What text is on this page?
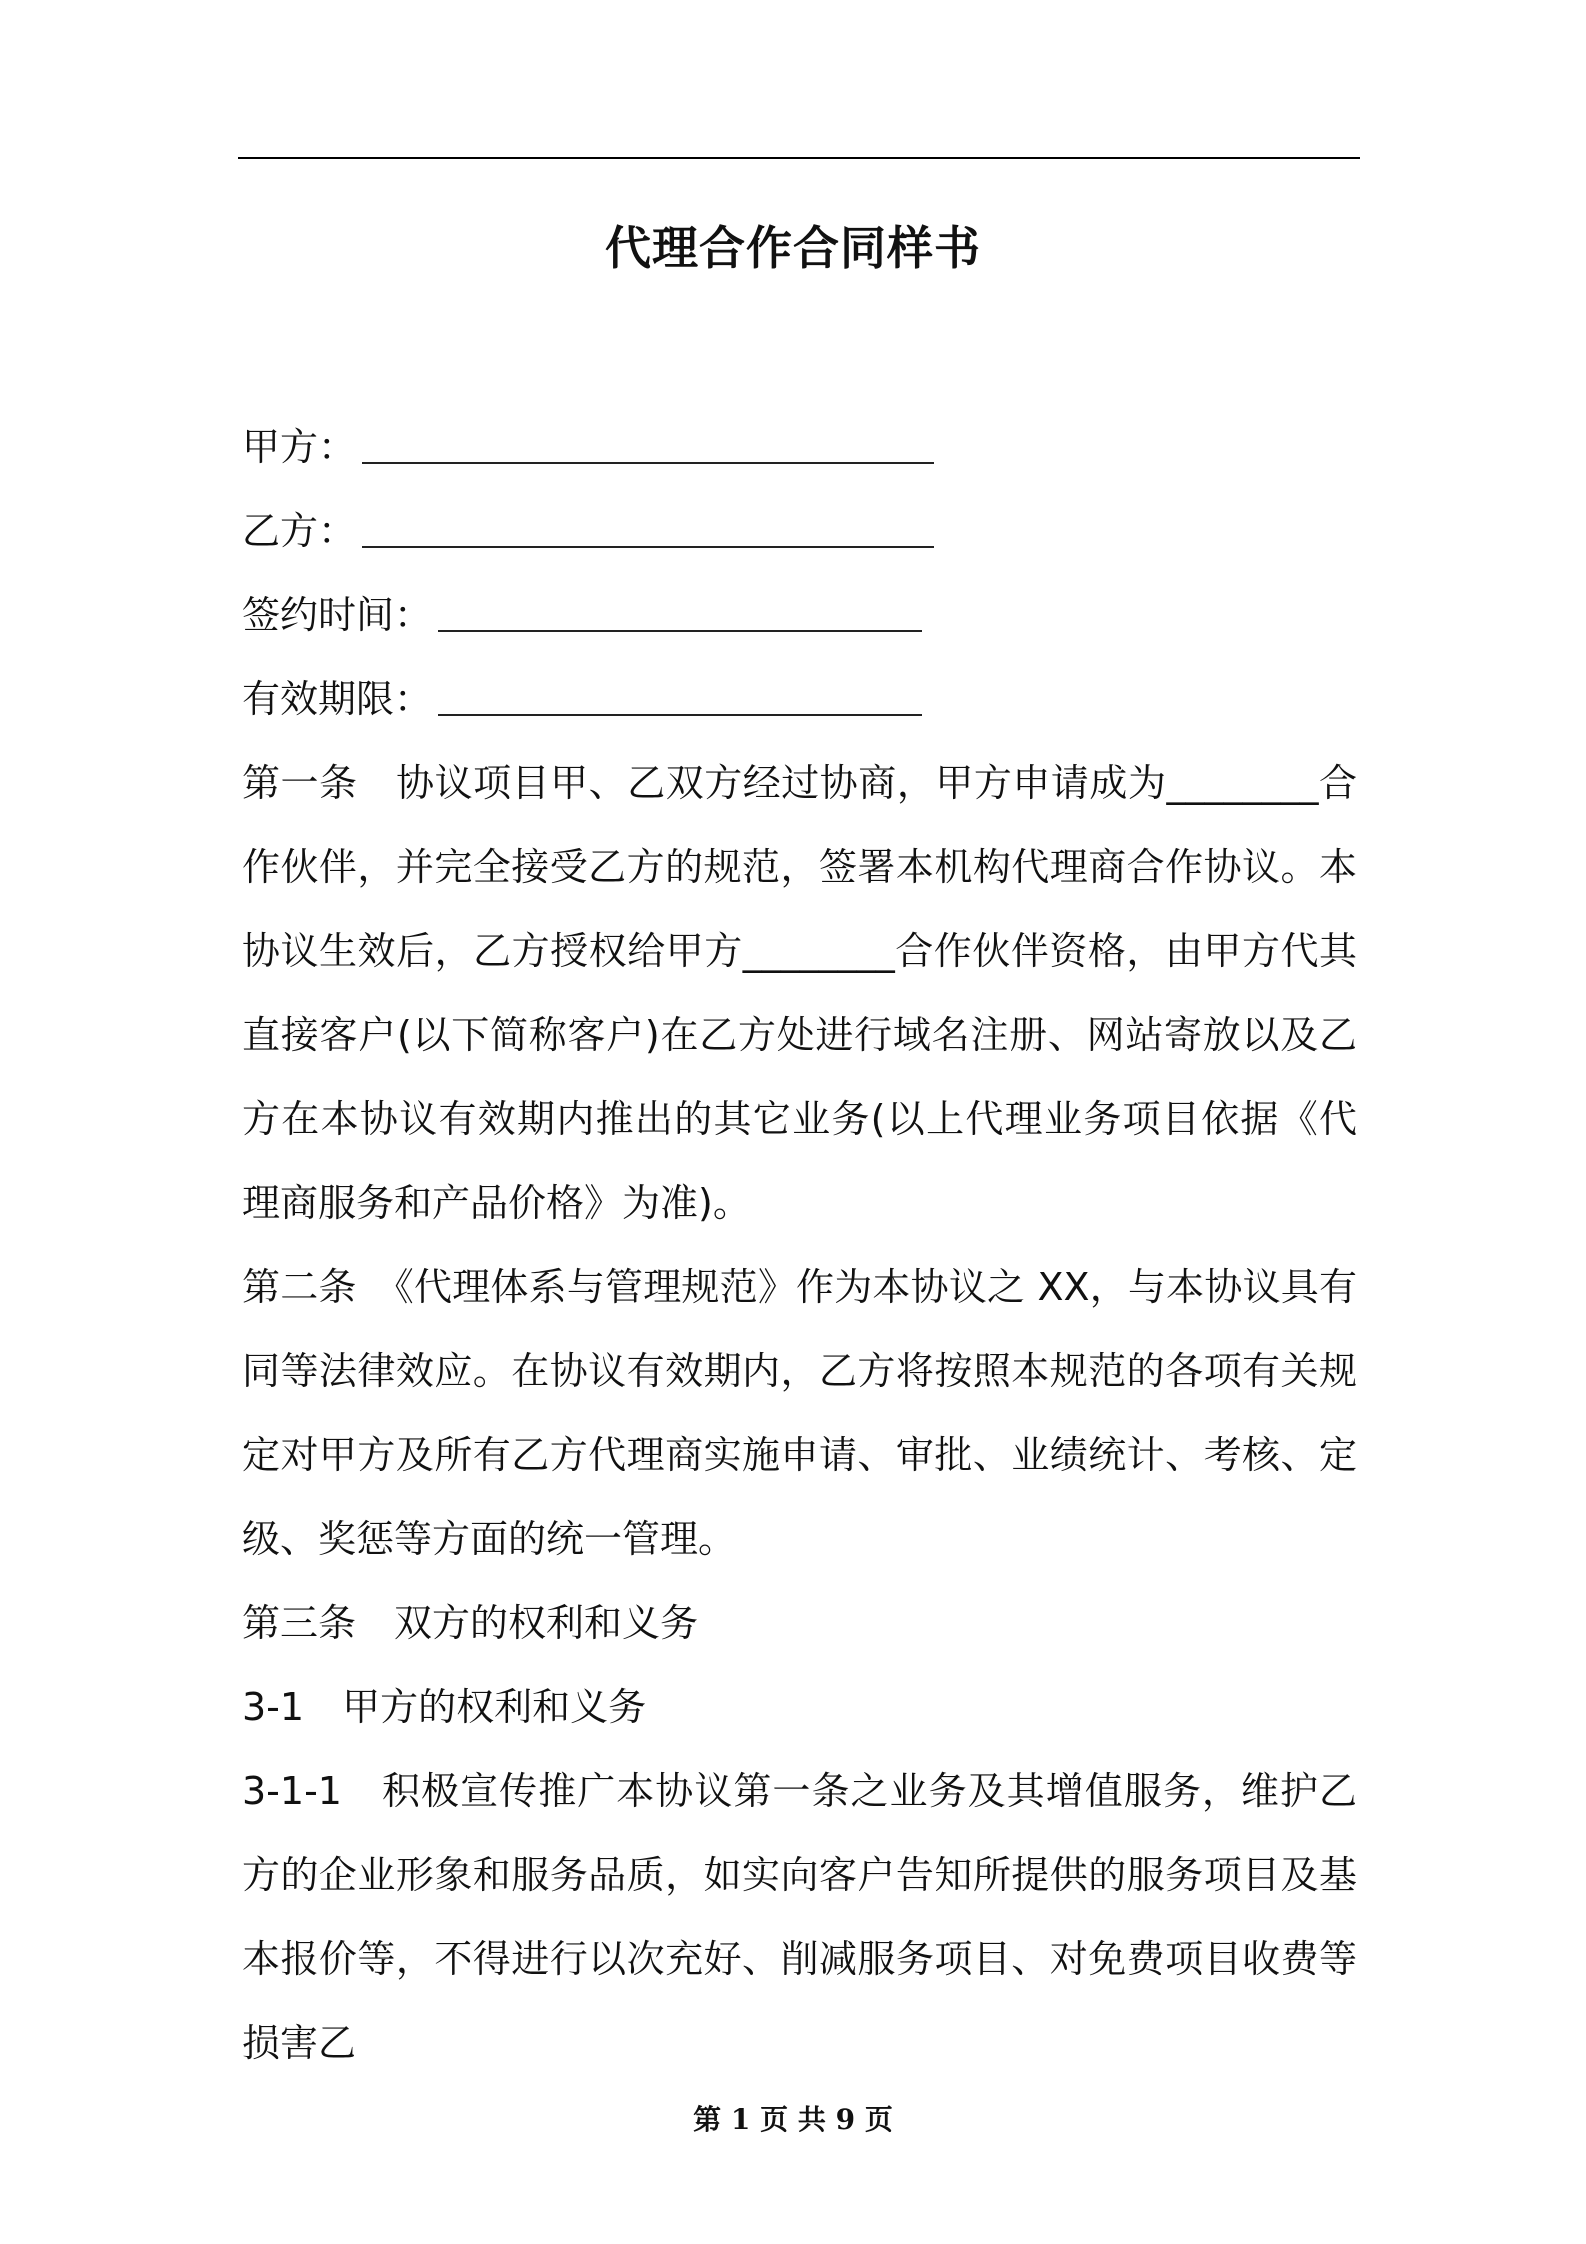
代理合作合同样书

甲方：

乙方：

签约时间：

有效期限：

第一条　协议项目甲、乙双方经过协商，甲方申请成为________合作伙伴，并完全接受乙方的规范，签署本机构代理商合作协议。本协议生效后，乙方授权给甲方________合作伙伴资格，由甲方代其直接客户(以下简称客户)在乙方处进行域名注册、网站寄放以及乙方在本协议有效期内推出的其它业务(以上代理业务项目依据《代理商服务和产品价格》为准)。

第二条　《代理体系与管理规范》作为本协议之 XX，与本协议具有同等法律效应。在协议有效期内，乙方将按照本规范的各项有关规定对甲方及所有乙方代理商实施申请、审批、业绩统计、考核、定级、奖惩等方面的统一管理。

第三条　双方的权利和义务

3-1　甲方的权利和义务

3-1-1　积极宣传推广本协议第一条之业务及其增值服务，维护乙方的企业形象和服务品质，如实向客户告知所提供的服务项目及基本报价等，不得进行以次充好、削减服务项目、对免费项目收费等损害乙

第 1 页 共 9 页
